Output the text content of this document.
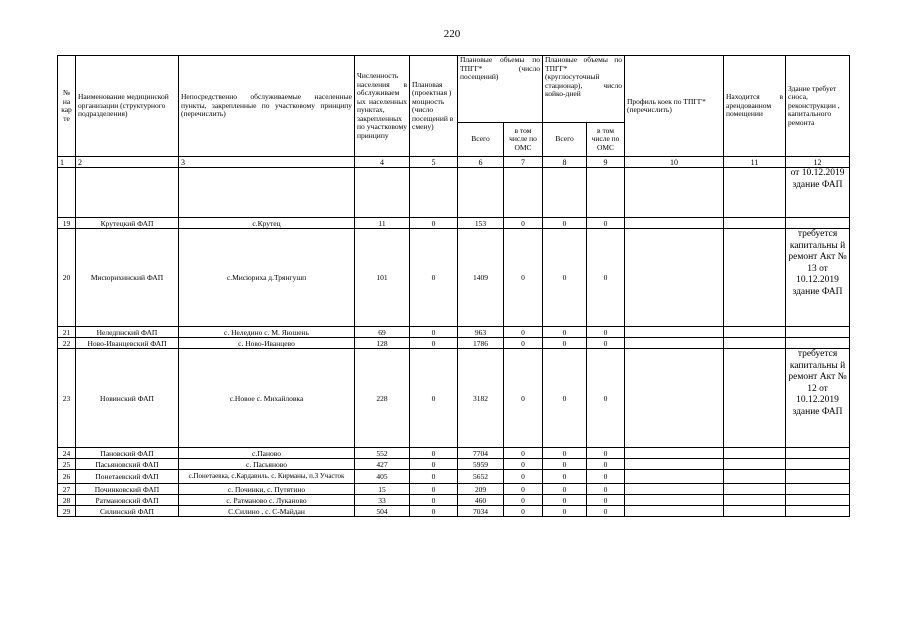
220
№ на кар те	Наименование медицинской организации (структурного подразделения)	Непосредственно обслуживаемые населенные пункты, закрепленные по участковому принципу (перечислить)	Численность населения в обслуживаем ых населенных пунктах, закрепленных по участковому принципу	Плановая (проектная ) мощность (число посещений в смену)	Плановые объемы по ТПГГ* (число посещений)		Плановые объемы по ТПГГ* (круглосуточный стационар), число койко-дней		Профиль коек по ТПГГ* (перечислить)	Находится в арендованном помещении	Здание требует сноса, реконструкции , капитального ремонта
					Всего	в том числе по ОМС	Всего	в том числе по ОМС			
1	2	3	4	5	6	7	8	9	10	11	12
											от 10.12.2019 здание ФАП
19	Крутецкий ФАП	с.Крутец	11	0	153	0	0	0			
20	Мисюрихинский ФАП	с.Мисюриха д.Трянгушп	101	0	1409	0	0	0			требуется капитальны й ремонт Акт № 13 от 10.12.2019 здание ФАП
21	Неледпнский ФАП	с. Неледино с. М. Яюшень	69	0	963	0	0	0			
22	Ново-Иванцевский ФАП	с. Ново-Иванцево	128	0	1786	0	0	0			
23	Новинский ФАП	с.Новое с. Михайловка	228	0	3182	0	0	0			требуется капитальны й ремонт Акт № 12 от 10.12.2019 здание ФАП
24	Пановский ФАП	с.Паново	552	0	7704	0	0	0			
25	Пасьяновский ФАП	с. Пасьяново	427	0	5959	0	0	0			
26	Понетаевский ФАП	с.Понетаевка, с.Кардавиль. с. Кирманы, п.З Участок	405	0	5652	0	0	0			
27	Починковский ФАП	с. Починки, с. Путятино	15	0	209	0	0	0			
28	Ратмановский ФАП	с. Ратманово с. Луканово	33	0	460	0	0	0			
29	Силинский ФАП	С.Силино , с. С-Майдан	504	0	7034	0	0	0			
